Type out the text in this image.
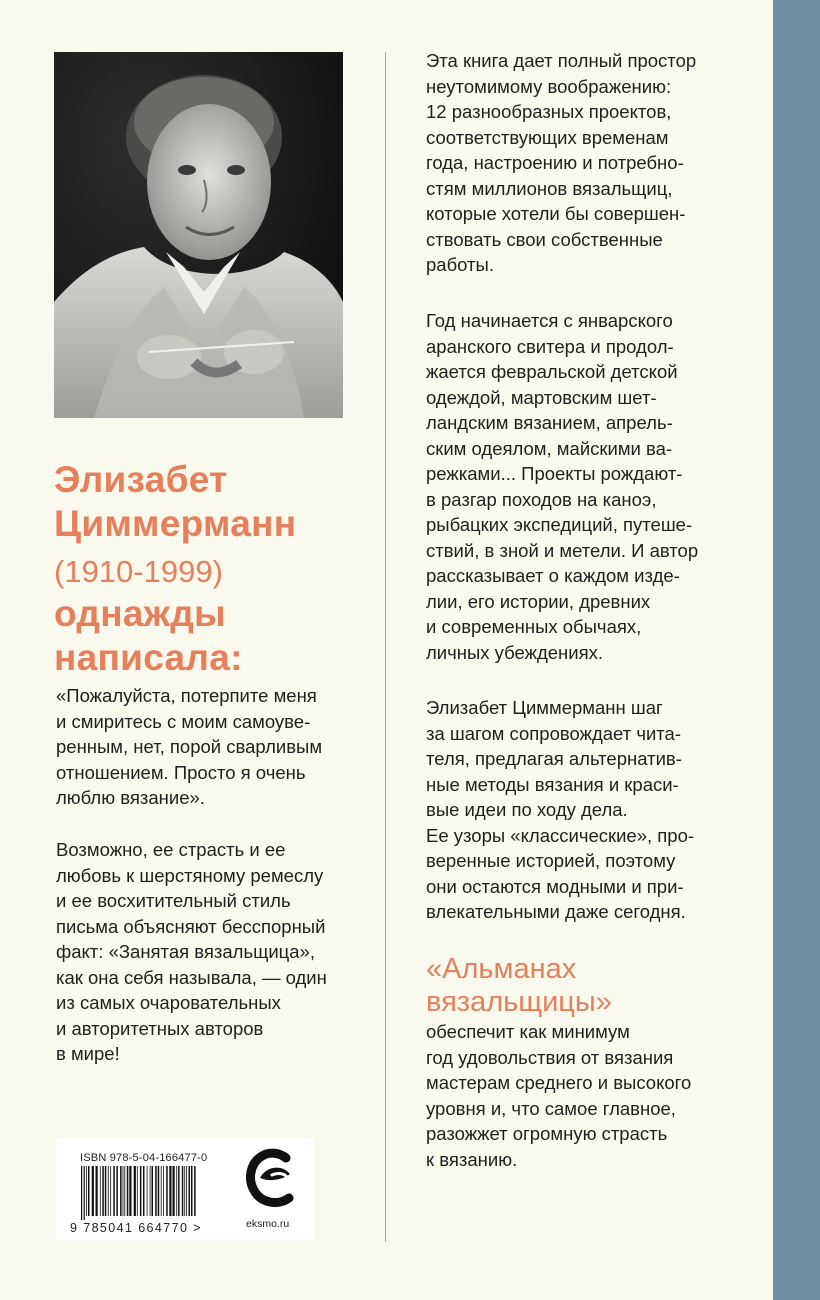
~
Элизабет
Циммерманн
(1910-1999)
однажды
написала:
«Пожалуйста, потерпите меня
и смиритесь с моим самоуве-
ренным, нет, порой сварливым
отношением. Просто я очень
люблю вязание».
Возможно, ее страсть и ее
любовь к шерстяному ремеслу
и ее восхитительный стиль
письма объясняют бесспорный
факт: «Занятая вязальщица»,
как она себя называла, — один
из самых очаровательных
и авторитетных авторов
в мире!
Эта книга дает полный простор
неутомимому воображению:
12 разнообразных проектов,
соответствующих временам
года, настроению и потребно-
стям миллионов вязальщиц,
которые хотели бы совершен-
ствовать свои собственные
работы.
Год начинается с январского
аранского свитера и продол-
жается февральской детской
одеждой, мартовским шет-
ландским вязанием, апрель-
ским одеялом, майскими ва-
режками... Проекты рождают-
в разгар походов на каноэ,
рыбацких экспедиций, путеше-
ствий, в зной и метели. И автор
рассказывает о каждом изде-
лии, его истории, древних
и современных обычаях,
личных убеждениях.
Элизабет Циммерманн шаг
за шагом сопровождает чита-
теля, предлагая альтернатив-
ные методы вязания и краси-
вые идеи по ходу дела.
Ее узоры «классические», про-
веренные историей, поэтому
они остаются модными и при-
влекательными даже сегодня.
«Альманах
вязальщицы»
обеспечит как минимум
год удовольствия от вязания
мастерам среднего и высокого
уровня и, что самое главное,
разожжет огромную страсть
к вязанию.
ISBN 978-5-04-166477-0
9 785041 664770 >	eksmo.ru
